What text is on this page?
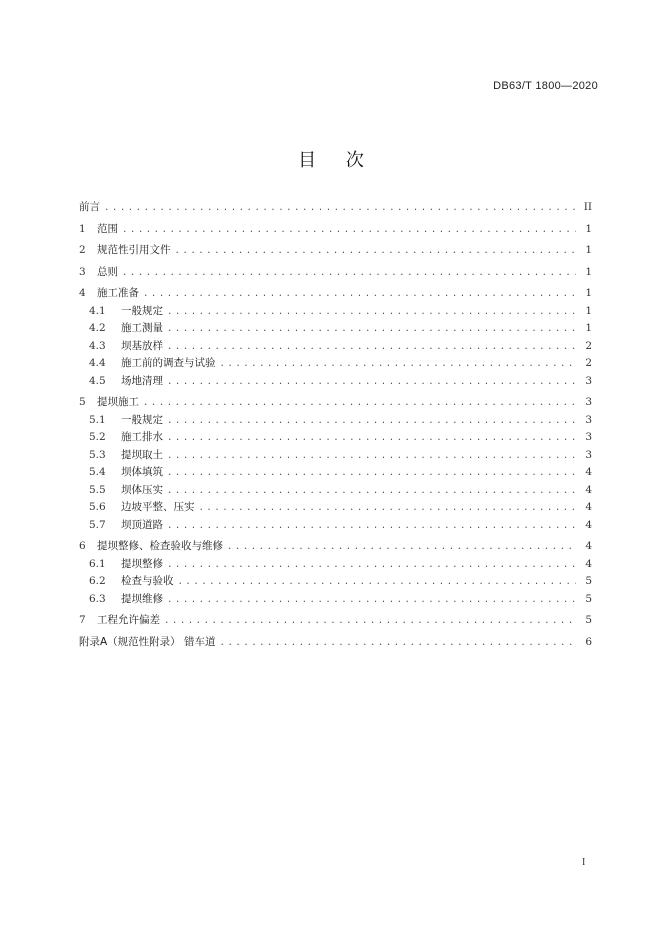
DB63/T 1800—2020
目 次
前言 .....	II
1	范围 .....	1
2	规范性引用文件 .....	1
3	总则 .....	1
4	施工准备 .....	1
4.1	一般规定 .....	1
4.2	施工测量 .....	1
4.3	坝基放样 .....	2
4.4	施工前的调查与试验 .....	2
4.5	场地清理 .....	3
5	提坝施工 .....	3
5.1	一般规定 .....	3
5.2	施工排水 .....	3
5.3	提坝取土 .....	3
5.4	坝体填筑 .....	4
5.5	坝体压实 .....	4
5.6	边坡平整、压实 .....	4
5.7	坝顶道路 .....	4
6	提坝整修、检查验收与维修 .....	4
6.1	提坝整修 .....	4
6.2	检查与验收 .....	5
6.3	提坝维修 .....	5
7	工程允许偏差 .....	5
附录A（规范性附录） 错车道 .....	6
I
